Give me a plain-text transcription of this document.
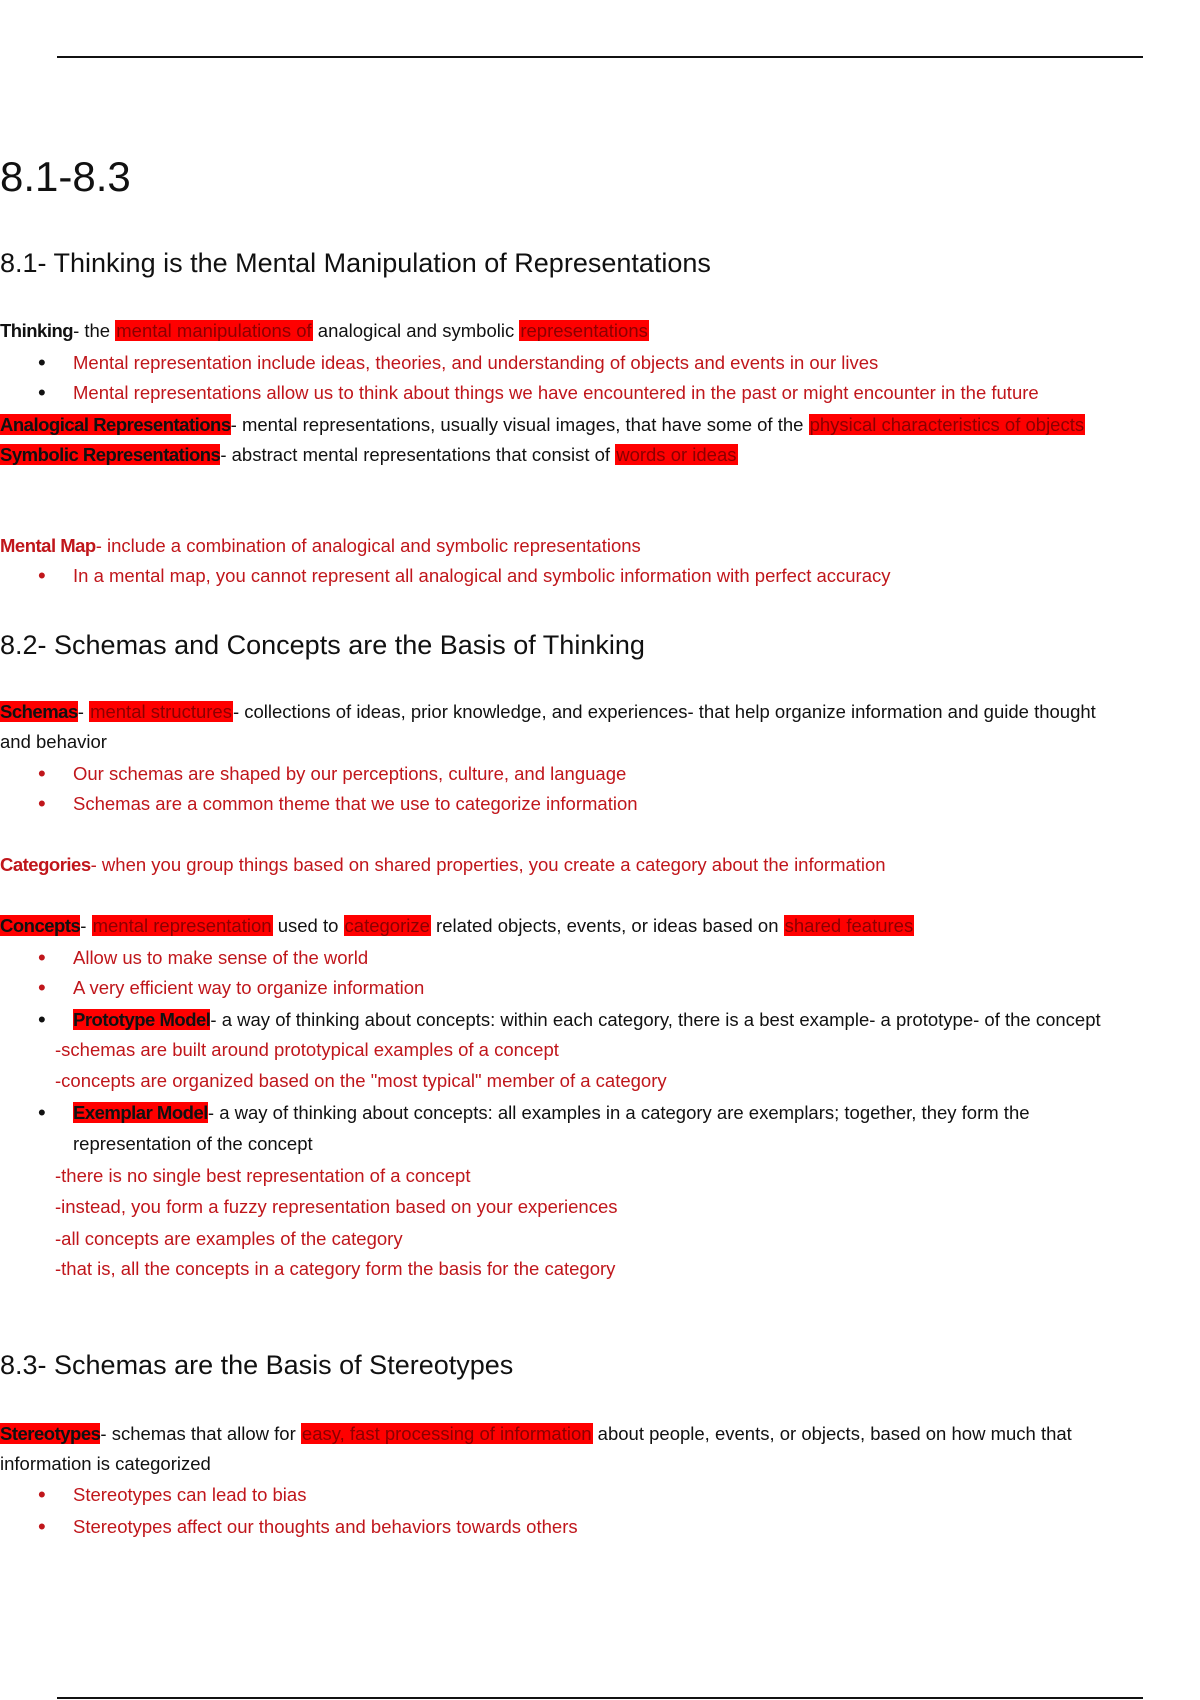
8.1-8.3
8.1- Thinking is the Mental Manipulation of Representations
Thinking- the mental manipulations of analogical and symbolic representations
•
Mental representation include ideas, theories, and understanding of objects and events in our lives
•
Mental representations allow us to think about things we have encountered in the past or might encounter in the future
Analogical Representations- mental representations, usually visual images, that have some of the physical characteristics of objects
Symbolic Representations- abstract mental representations that consist of words or ideas
Mental Map- include a combination of analogical and symbolic representations
•
In a mental map, you cannot represent all analogical and symbolic information with perfect accuracy
8.2- Schemas and Concepts are the Basis of Thinking
Schemas- mental structures- collections of ideas, prior knowledge, and experiences- that help organize information and guide thought
and behavior
•
Our schemas are shaped by our perceptions, culture, and language
•
Schemas are a common theme that we use to categorize information
Categories- when you group things based on shared properties, you create a category about the information
Concepts- mental representation used to categorize related objects, events, or ideas based on shared features
•
Allow us to make sense of the world
•
A very efficient way to organize information
•
Prototype Model- a way of thinking about concepts: within each category, there is a best example- a prototype- of the concept
-schemas are built around prototypical examples of a concept
-concepts are organized based on the "most typical" member of a category
•
Exemplar Model- a way of thinking about concepts: all examples in a category are exemplars; together, they form the
representation of the concept
-there is no single best representation of a concept
-instead, you form a fuzzy representation based on your experiences
-all concepts are examples of the category
-that is, all the concepts in a category form the basis for the category
8.3- Schemas are the Basis of Stereotypes
Stereotypes- schemas that allow for easy, fast processing of information about people, events, or objects, based on how much that
information is categorized
•
Stereotypes can lead to bias
•
Stereotypes affect our thoughts and behaviors towards others
